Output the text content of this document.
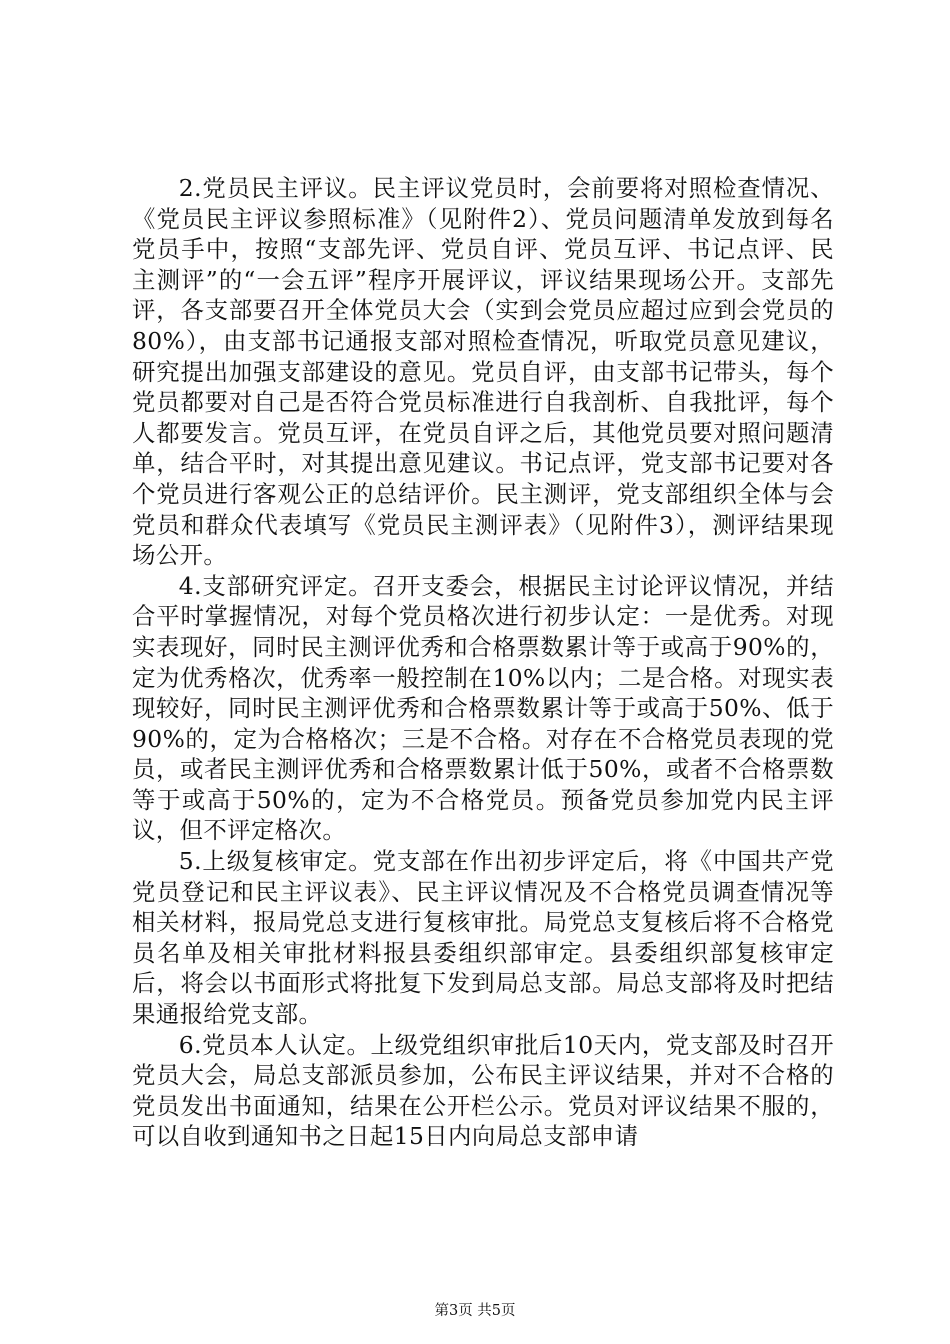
2.党员民主评议。民主评议党员时，会前要将对照检查情况、《党员民主评议参照标准》（见附件2）、党员问题清单发放到每名党员手中，按照“支部先评、党员自评、党员互评、书记点评、民主测评”的“一会五评”程序开展评议，评议结果现场公开。支部先评，各支部要召开全体党员大会（实到会党员应超过应到会党员的80%），由支部书记通报支部对照检查情况，听取党员意见建议，研究提出加强支部建设的意见。党员自评，由支部书记带头，每个党员都要对自己是否符合党员标准进行自我剖析、自我批评，每个人都要发言。党员互评，在党员自评之后，其他党员要对照问题清单，结合平时，对其提出意见建议。书记点评，党支部书记要对各个党员进行客观公正的总结评价。民主测评，党支部组织全体与会党员和群众代表填写《党员民主测评表》（见附件3），测评结果现场公开。

4.支部研究评定。召开支委会，根据民主讨论评议情况，并结合平时掌握情况，对每个党员格次进行初步认定：一是优秀。对现实表现好，同时民主测评优秀和合格票数累计等于或高于90%的，定为优秀格次，优秀率一般控制在10%以内；二是合格。对现实表现较好，同时民主测评优秀和合格票数累计等于或高于50%、低于90%的，定为合格格次；三是不合格。对存在不合格党员表现的党员，或者民主测评优秀和合格票数累计低于50%，或者不合格票数等于或高于50%的，定为不合格党员。预备党员参加党内民主评议，但不评定格次。

5.上级复核审定。党支部在作出初步评定后，将《中国共产党党员登记和民主评议表》、民主评议情况及不合格党员调查情况等相关材料，报局党总支进行复核审批。局党总支复核后将不合格党员名单及相关审批材料报县委组织部审定。县委组织部复核审定后，将会以书面形式将批复下发到局总支部。局总支部将及时把结果通报给党支部。

6.党员本人认定。上级党组织审批后10天内，党支部及时召开党员大会，局总支部派员参加，公布民主评议结果，并对不合格的党员发出书面通知，结果在公开栏公示。党员对评议结果不服的，可以自收到通知书之日起15日内向局总支部申请

第3页 共5页
